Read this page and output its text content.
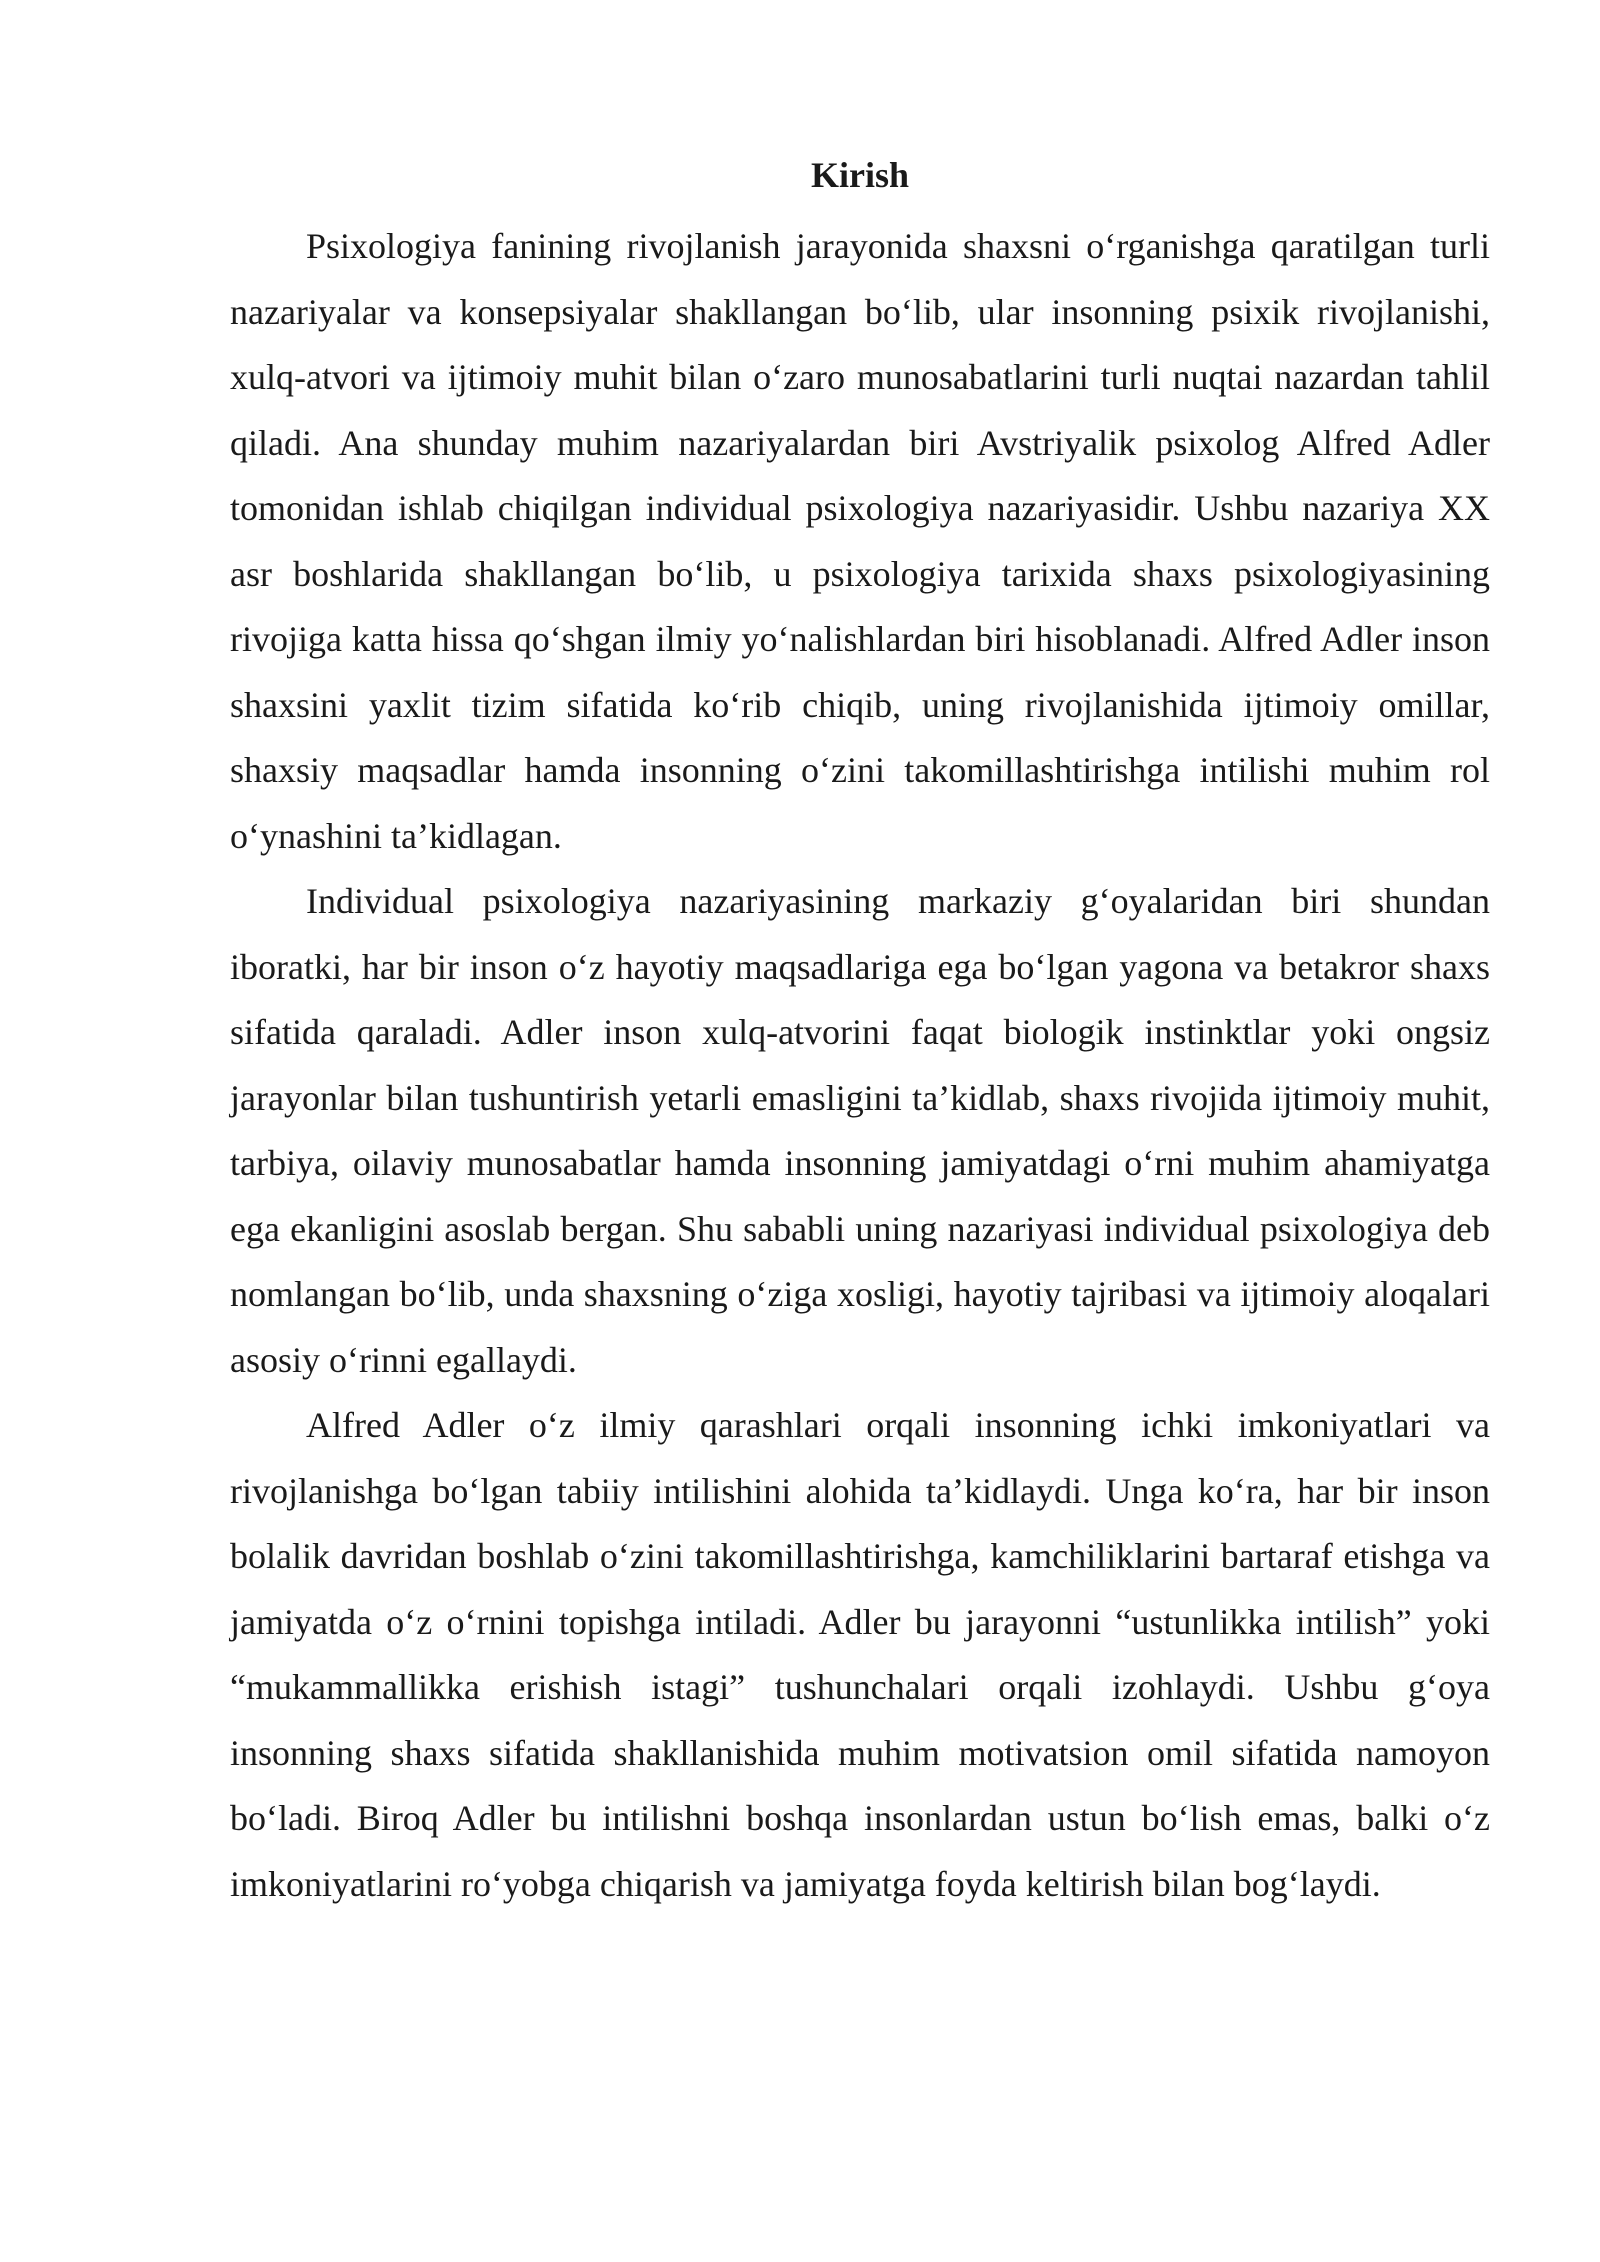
Kirish

Psixologiya fanining rivojlanish jarayonida shaxsni o‘rganishga qaratilgan turli nazariyalar va konsepsiyalar shakllangan bo‘lib, ular insonning psixik rivojlanishi, xulq-atvori va ijtimoiy muhit bilan o‘zaro munosabatlarini turli nuqtai nazardan tahlil qiladi. Ana shunday muhim nazariyalardan biri Avstriyalik psixolog Alfred Adler tomonidan ishlab chiqilgan individual psixologiya nazariyasidir. Ushbu nazariya XX asr boshlarida shakllangan bo‘lib, u psixologiya tarixida shaxs psixologiyasining rivojiga katta hissa qo‘shgan ilmiy yo‘nalishlardan biri hisoblanadi. Alfred Adler inson shaxsini yaxlit tizim sifatida ko‘rib chiqib, uning rivojlanishida ijtimoiy omillar, shaxsiy maqsadlar hamda insonning o‘zini takomillashtirishga intilishi muhim rol o‘ynashini ta’kidlagan.

Individual psixologiya nazariyasining markaziy g‘oyalaridan biri shundan iboratki, har bir inson o‘z hayotiy maqsadlariga ega bo‘lgan yagona va betakror shaxs sifatida qaraladi. Adler inson xulq-atvorini faqat biologik instinktlar yoki ongsiz jarayonlar bilan tushuntirish yetarli emasligini ta’kidlab, shaxs rivojida ijtimoiy muhit, tarbiya, oilaviy munosabatlar hamda insonning jamiyatdagi o‘rni muhim ahamiyatga ega ekanligini asoslab bergan. Shu sababli uning nazariyasi individual psixologiya deb nomlangan bo‘lib, unda shaxsning o‘ziga xosligi, hayotiy tajribasi va ijtimoiy aloqalari asosiy o‘rinni egallaydi.

Alfred Adler o‘z ilmiy qarashlari orqali insonning ichki imkoniyatlari va rivojlanishga bo‘lgan tabiiy intilishini alohida ta’kidlaydi. Unga ko‘ra, har bir inson bolalik davridan boshlab o‘zini takomillashtirishga, kamchiliklarini bartaraf etishga va jamiyatda o‘z o‘rnini topishga intiladi. Adler bu jarayonni “ustunlikka intilish” yoki “mukammallikka erishish istagi” tushunchalari orqali izohlaydi. Ushbu g‘oya insonning shaxs sifatida shakllanishida muhim motivatsion omil sifatida namoyon bo‘ladi. Biroq Adler bu intilishni boshqa insonlardan ustun bo‘lish emas, balki o‘z imkoniyatlarini ro‘yobga chiqarish va jamiyatga foyda keltirish bilan bog‘laydi.
